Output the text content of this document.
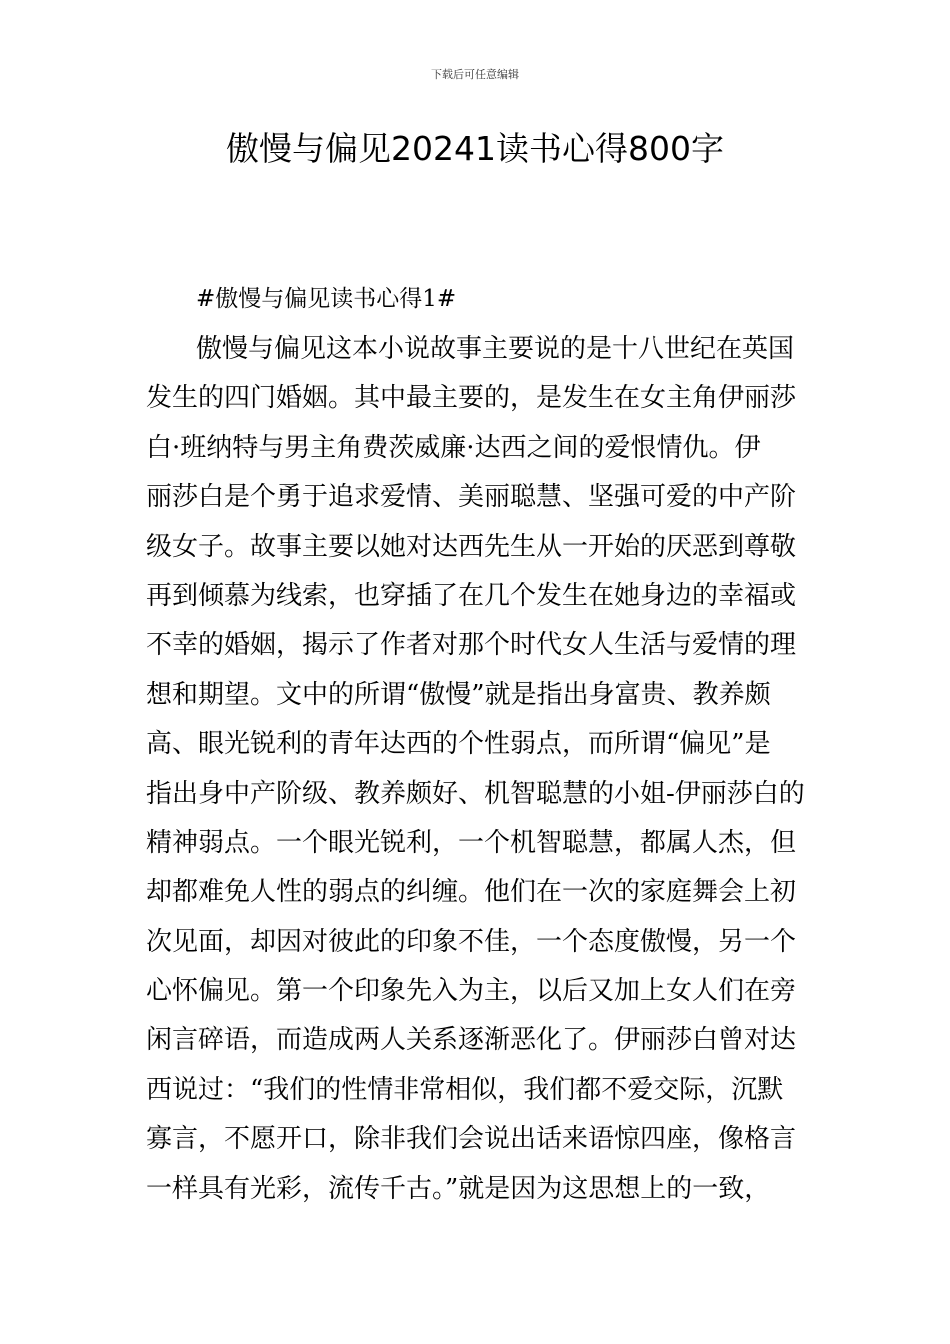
下载后可任意编辑
傲慢与偏见20241读书心得800字
#傲慢与偏见读书心得1#
傲慢与偏见这本小说故事主要说的是十八世纪在英国
发生的四门婚姻。其中最主要的，是发生在女主角伊丽莎
白·班纳特与男主角费茨威廉·达西之间的爱恨情仇。伊
丽莎白是个勇于追求爱情、美丽聪慧、坚强可爱的中产阶
级女子。故事主要以她对达西先生从一开始的厌恶到尊敬
再到倾慕为线索，也穿插了在几个发生在她身边的幸福或
不幸的婚姻，揭示了作者对那个时代女人生活与爱情的理
想和期望。文中的所谓“傲慢”就是指出身富贵、教养颇
高、眼光锐利的青年达西的个性弱点，而所谓“偏见”是
指出身中产阶级、教养颇好、机智聪慧的小姐-伊丽莎白的
精神弱点。一个眼光锐利，一个机智聪慧，都属人杰，但
却都难免人性的弱点的纠缠。他们在一次的家庭舞会上初
次见面，却因对彼此的印象不佳，一个态度傲慢，另一个
心怀偏见。第一个印象先入为主，以后又加上女人们在旁
闲言碎语，而造成两人关系逐渐恶化了。伊丽莎白曾对达
西说过：“我们的性情非常相似，我们都不爱交际，沉默
寡言，不愿开口，除非我们会说出话来语惊四座，像格言
一样具有光彩，流传千古。”就是因为这思想上的一致，
